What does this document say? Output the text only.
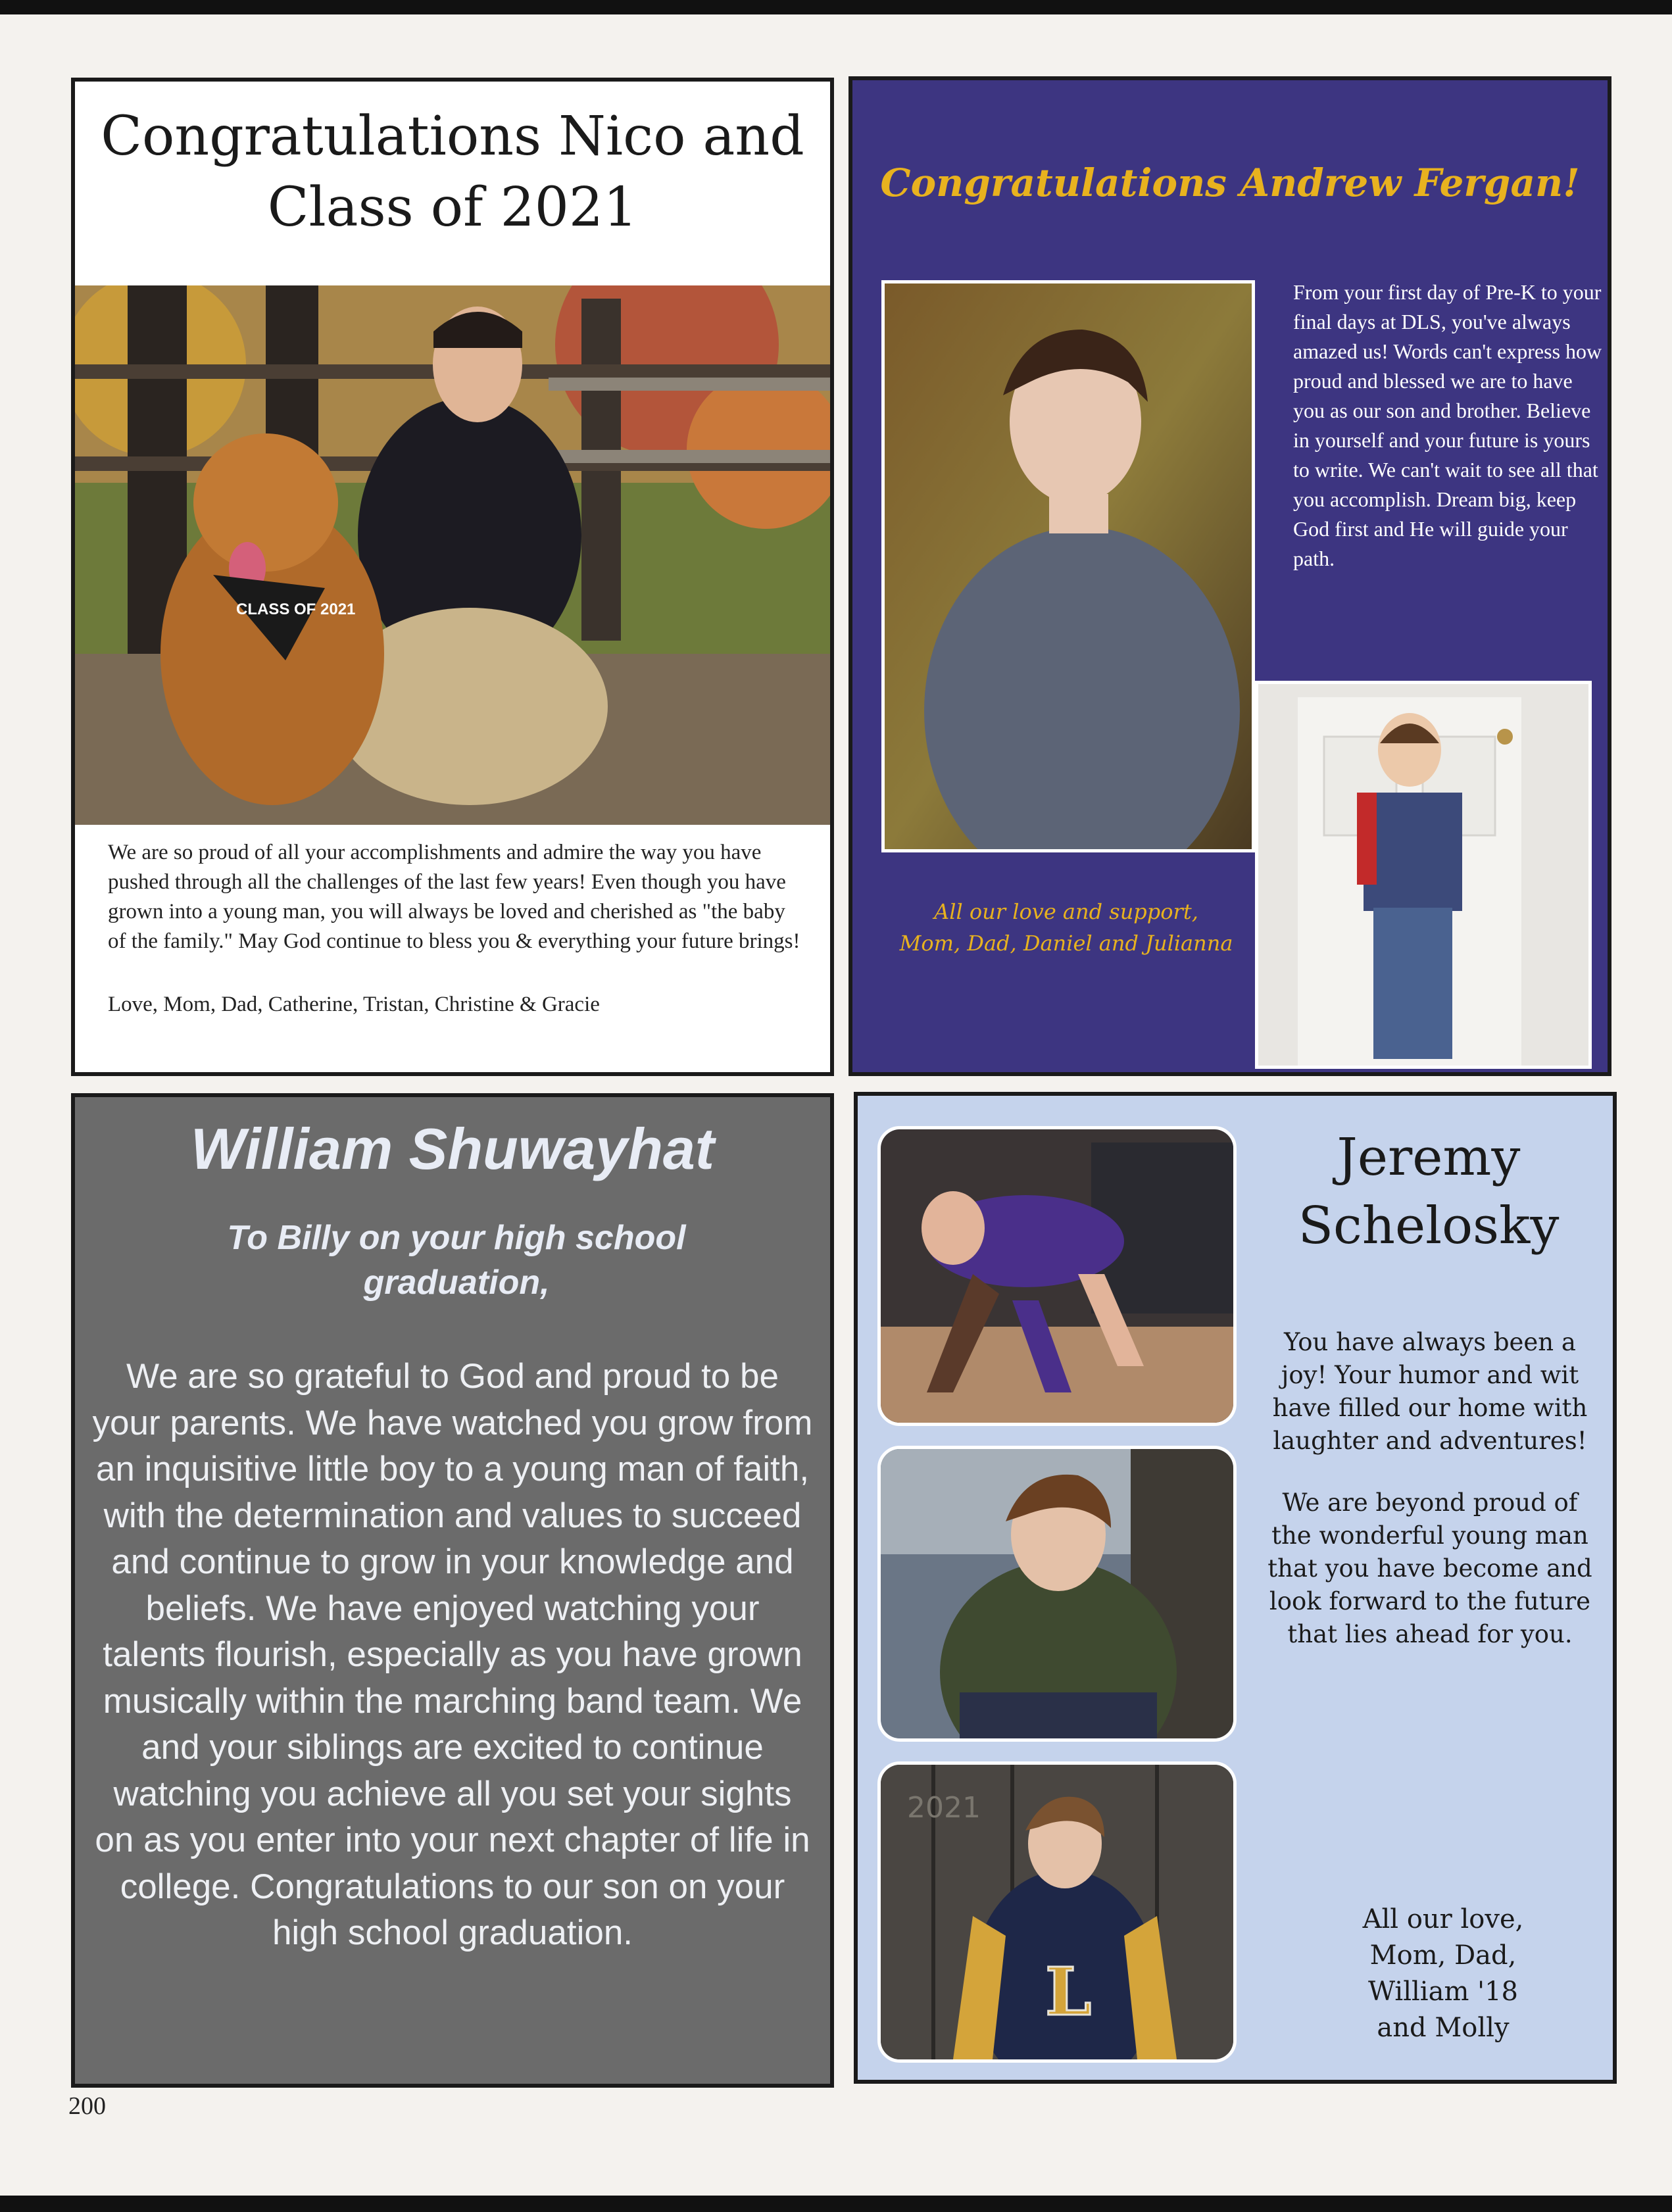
Congratulations Nico and Class of 2021
CLASS OF 2021
We are so proud of all your accomplishments and admire the way you have pushed through all the challenges of the last few years! Even though you have grown into a young man, you will always be loved and cherished as "the baby of the family." May God continue to bless you & everything your future brings!
Love, Mom, Dad, Catherine, Tristan, Christine & Gracie
Congratulations Andrew Fergan!
From your first day of Pre-K to your final days at DLS, you've always amazed us! Words can't express how proud and blessed we are to have you as our son and brother. Believe in yourself and your future is yours to write. We can't wait to see all that you accomplish. Dream big, keep God first and He will guide your path.
All our love and support,
Mom, Dad, Daniel and Julianna
William Shuwayhat
To Billy on your high school graduation,
We are so grateful to God and proud to be your parents. We have watched you grow from an inquisitive little boy to a young man of faith, with the determination and values to succeed and continue to grow in your knowledge and beliefs. We have enjoyed watching your talents flourish, especially as you have grown musically within the marching band team. We and your siblings are excited to continue watching you achieve all you set your sights on as you enter into your next chapter of life in college. Congratulations to our son on your high school graduation.
2021
L
Jeremy
Schelosky
You have always been a joy! Your humor and wit have filled our home with laughter and adventures!
We are beyond proud of the wonderful young man that you have become and look forward to the future that lies ahead for you.
All our love,
Mom, Dad,
William '18
and Molly
200
